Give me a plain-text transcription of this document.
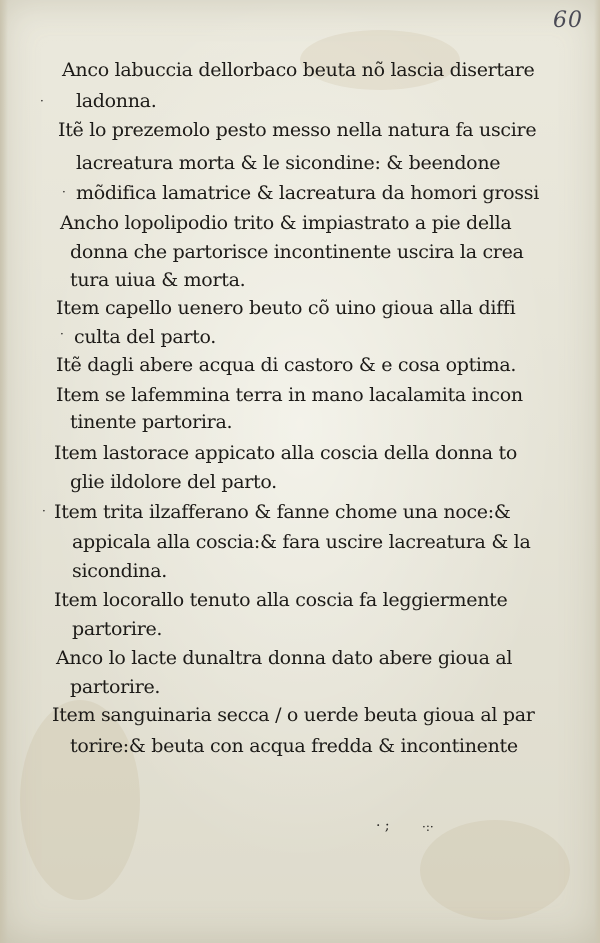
60
Anco labuccia dellorbaco beuta nõ lascia disertare
ladonna.
Itẽ lo prezemolo pesto messo nella natura fa uscire
lacreatura morta & le sicondine: & beendone
mõdifica lamatrice & lacreatura da homori grossi
Ancho lopolipodio trito & impiastrato a pie della
donna che partorisce incontinente uscira la crea
tura uiua & morta.
Item capello uenero beuto cõ uino gioua alla diffi
culta del parto.
Itẽ dagli abere acqua di castoro & e cosa optima.
Item se lafemmina terra in mano lacalamita incon
tinente partorira.
Item lastorace appicato alla coscia della donna to
glie ildolore del parto.
Item trita ilzafferano & fanne chome una noce:&
appicala alla coscia:& fara uscire lacreatura & la
sicondina.
Item locorallo tenuto alla coscia fa leggiermente
partorire.
Anco lo lacte dunaltra donna dato abere gioua al
partorire.
Item sanguinaria secca / o uerde beuta gioua al par
torire:& beuta con acqua fredda & incontinente
·
·
·
·
· ;	·:·
